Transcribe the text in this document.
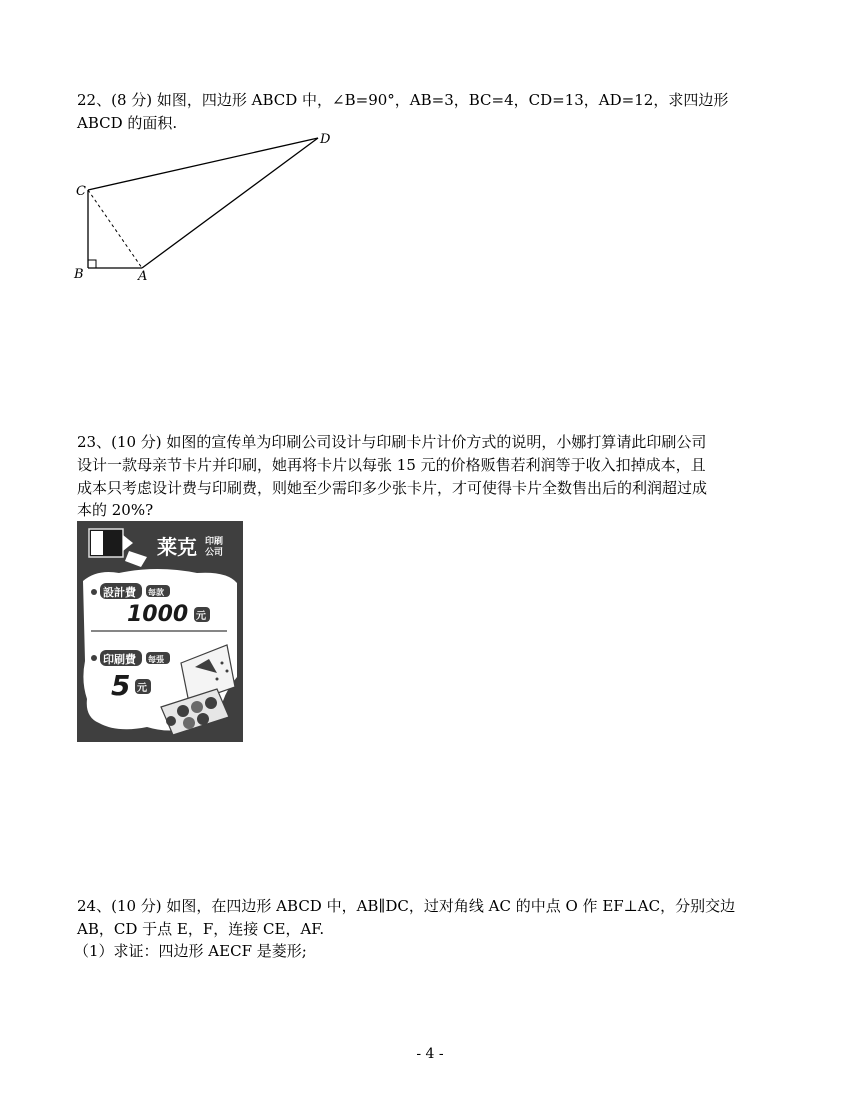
22、(8 分) 如图，四边形 ABCD 中，∠B=90°，AB=3，BC=4，CD=13，AD=12，求四边形
ABCD 的面积.
C
D
B	A
23、(10 分) 如图的宣传单为印刷公司设计与印刷卡片计价方式的说明，小娜打算请此印刷公司
设计一款母亲节卡片并印刷，她再将卡片以每张 15 元的价格贩售若利润等于收入扣掉成本，且
成本只考虑设计费与印刷费，则她至少需印多少张卡片，才可使得卡片全数售出后的利润超过成
本的 20%?
莱克 印刷
公司
設計費 每款
1000 元
印刷費 每張
5 元
24、(10 分) 如图，在四边形 ABCD 中，AB∥DC，过对角线 AC 的中点 O 作 EF⊥AC，分别交边
AB，CD 于点 E，F，连接 CE，AF.
（1）求证：四边形 AECF 是菱形;
- 4 -
